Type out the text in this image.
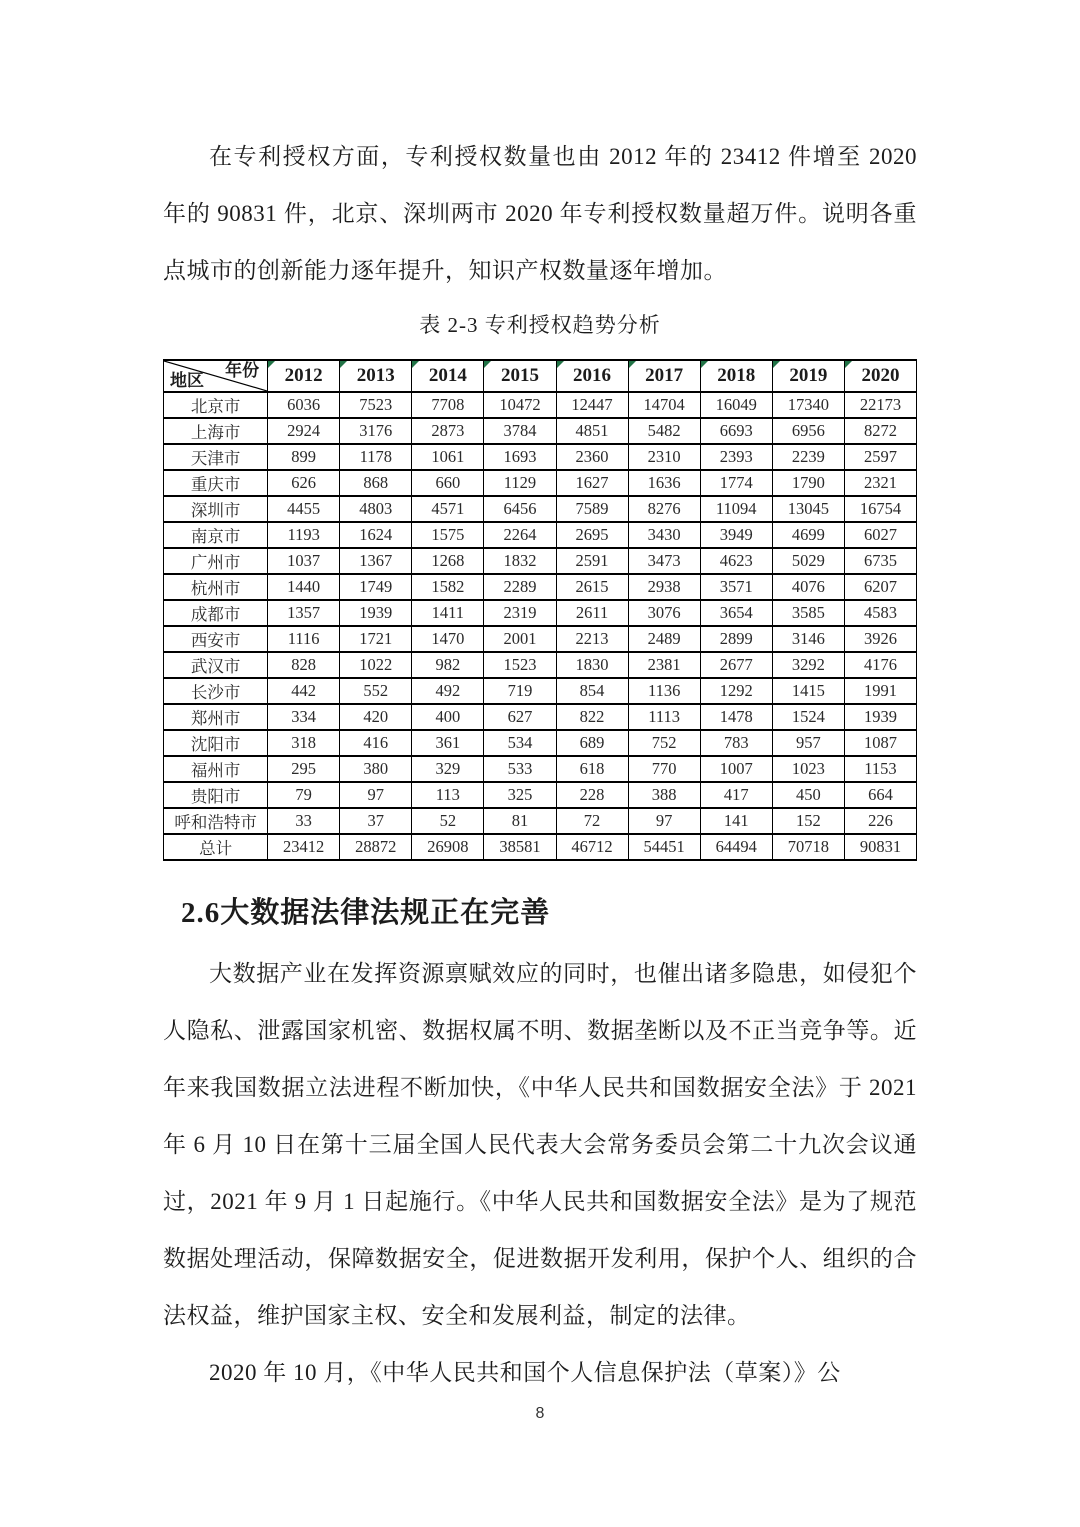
在专利授权方面，专利授权数量也由 2012 年的 23412 件增至 2020 年的 90831 件，北京、深圳两市 2020 年专利授权数量超万件。说明各重点城市的创新能力逐年提升，知识产权数量逐年增加。

表 2-3 专利授权趋势分析
年份
地区	2012	2013	2014	2015	2016	2017	2018	2019	2020
北京市	6036	7523	7708	10472	12447	14704	16049	17340	22173
上海市	2924	3176	2873	3784	4851	5482	6693	6956	8272
天津市	899	1178	1061	1693	2360	2310	2393	2239	2597
重庆市	626	868	660	1129	1627	1636	1774	1790	2321
深圳市	4455	4803	4571	6456	7589	8276	11094	13045	16754
南京市	1193	1624	1575	2264	2695	3430	3949	4699	6027
广州市	1037	1367	1268	1832	2591	3473	4623	5029	6735
杭州市	1440	1749	1582	2289	2615	2938	3571	4076	6207
成都市	1357	1939	1411	2319	2611	3076	3654	3585	4583
西安市	1116	1721	1470	2001	2213	2489	2899	3146	3926
武汉市	828	1022	982	1523	1830	2381	2677	3292	4176
长沙市	442	552	492	719	854	1136	1292	1415	1991
郑州市	334	420	400	627	822	1113	1478	1524	1939
沈阳市	318	416	361	534	689	752	783	957	1087
福州市	295	380	329	533	618	770	1007	1023	1153
贵阳市	79	97	113	325	228	388	417	450	664
呼和浩特市	33	37	52	81	72	97	141	152	226
总计	23412	28872	26908	38581	46712	54451	64494	70718	90831
2.6大数据法律法规正在完善

大数据产业在发挥资源禀赋效应的同时，也催出诸多隐患，如侵犯个人隐私、泄露国家机密、数据权属不明、数据垄断以及不正当竞争等。近年来我国数据立法进程不断加快，《中华人民共和国数据安全法》于 2021 年 6 月 10 日在第十三届全国人民代表大会常务委员会第二十九次会议通过，2021 年 9 月 1 日起施行。《中华人民共和国数据安全法》是为了规范数据处理活动，保障数据安全，促进数据开发利用，保护个人、组织的合法权益，维护国家主权、安全和发展利益，制定的法律。

2020 年 10 月，《中华人民共和国个人信息保护法（草案）》公

8
